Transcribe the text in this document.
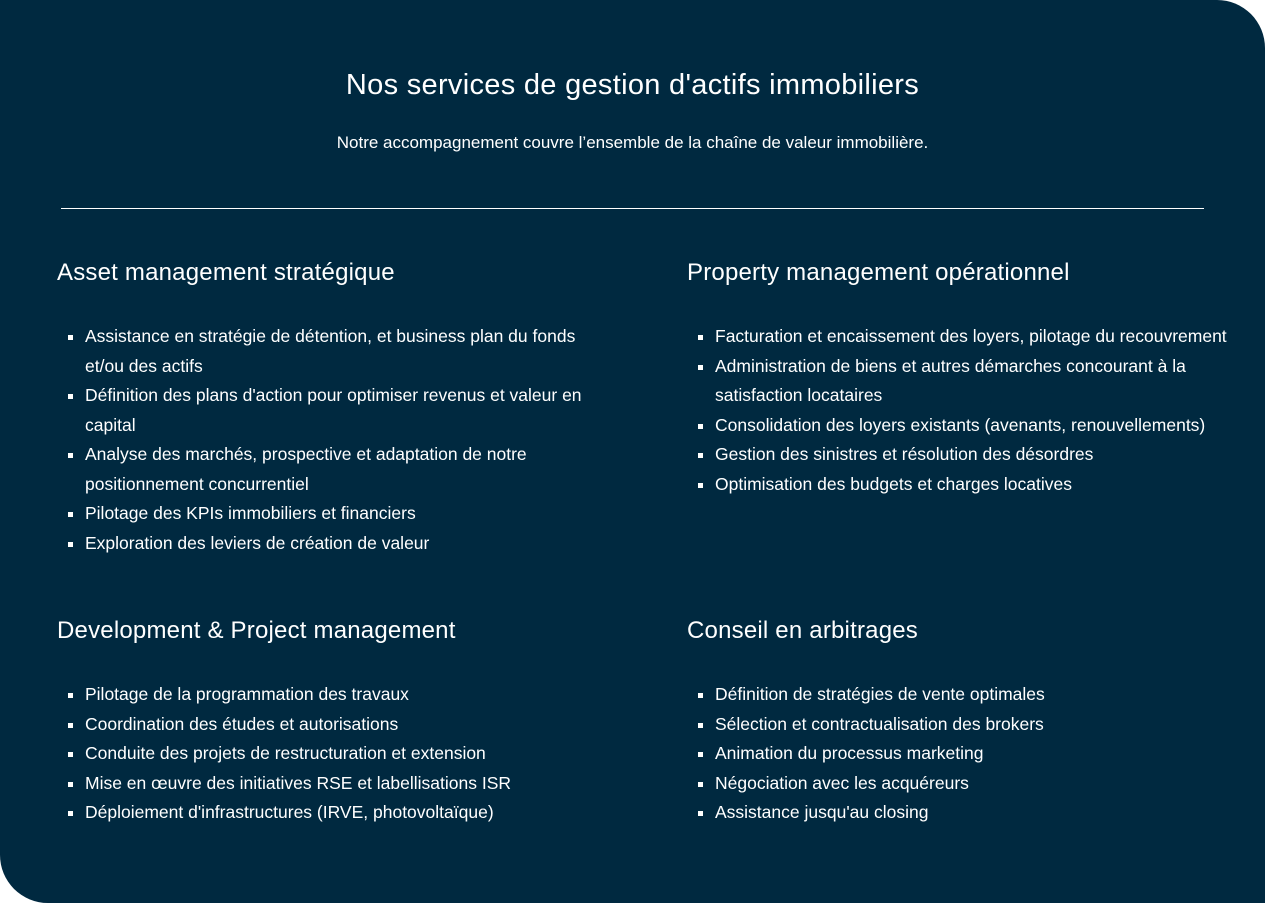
Nos services de gestion d'actifs immobiliers

Notre accompagnement couvre l’ensemble de la chaîne de valeur immobilière.

Asset management stratégique
Assistance en stratégie de détention, et business plan du fonds et/ou des actifs
Définition des plans d'action pour optimiser revenus et valeur en capital
Analyse des marchés, prospective et adaptation de notre positionnement concurrentiel
Pilotage des KPIs immobiliers et financiers
Exploration des leviers de création de valeur
Property management opérationnel
Facturation et encaissement des loyers, pilotage du recouvrement
Administration de biens et autres démarches concourant à la satisfaction locataires
Consolidation des loyers existants (avenants, renouvellements)
Gestion des sinistres et résolution des désordres
Optimisation des budgets et charges locatives
Development & Project management
Pilotage de la programmation des travaux
Coordination des études et autorisations
Conduite des projets de restructuration et extension
Mise en œuvre des initiatives RSE et labellisations ISR
Déploiement d'infrastructures (IRVE, photovoltaïque)
Conseil en arbitrages
Définition de stratégies de vente optimales
Sélection et contractualisation des brokers
Animation du processus marketing
Négociation avec les acquéreurs
Assistance jusqu'au closing
